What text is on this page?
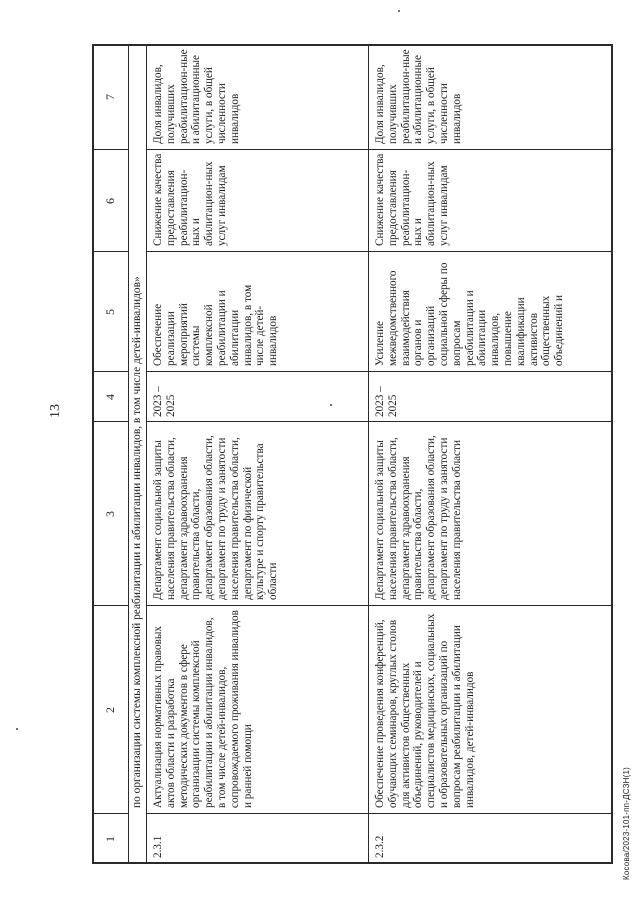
13
Косова/2023-101-пп-ДСЗН(1)
1
2
3
4
5
6
7
по организации системы комплексной реабилитации и абилитации инвалидов, в том числе детей-инвалидов»
2.3.1
Актуализация нормативных правовых актов области и разработка методических документов в сфере организации системы комплексной реабилитации и абилитации инвалидов, в том числе детей-инвалидов, сопровождаемого проживания инвалидов и ранней помощи
Департамент социальной защиты населения правительства области, департамент здравоохранения правительства области, департамент образования области, департамент по труду и занятости населения правительства области, департамент по физической культуре и спорту правительства области
2023 – 2025
Обеспечение реализации мероприятий системы комплексной реабилитации и абилитации инвалидов, в том числе детей-инвалидов
Снижение качества предоставления реабилитацион-ных и абилитацион-ных услуг инвалидам
Доля инвалидов, получивших реабилитацион-ные и абилитационные услуги, в общей численности инвалидов
2.3.2
Обеспечение проведения конференций, обучающих семинаров, круглых столов для активистов общественных объединений, руководителей и специалистов медицинских, социальных и образовательных организаций по вопросам реабилитации и абилитации инвалидов, детей-инвалидов
Департамент социальной защиты населения правительства области, департамент здравоохранения правительства области, департамент образования области, департамент по труду и занятости населения правительства области
2023 – 2025
Усиление межведомственного взаимодействия органов и организаций социальной сферы по вопросам реабилитации и абилитации инвалидов, повышение квалификации активистов общественных объединений и
Снижение качества предоставления реабилитацион-ных и абилитацион-ных услуг инвалидам
Доля инвалидов, получивших реабилитацион-ные и абилитационные услуги, в общей численности инвалидов
